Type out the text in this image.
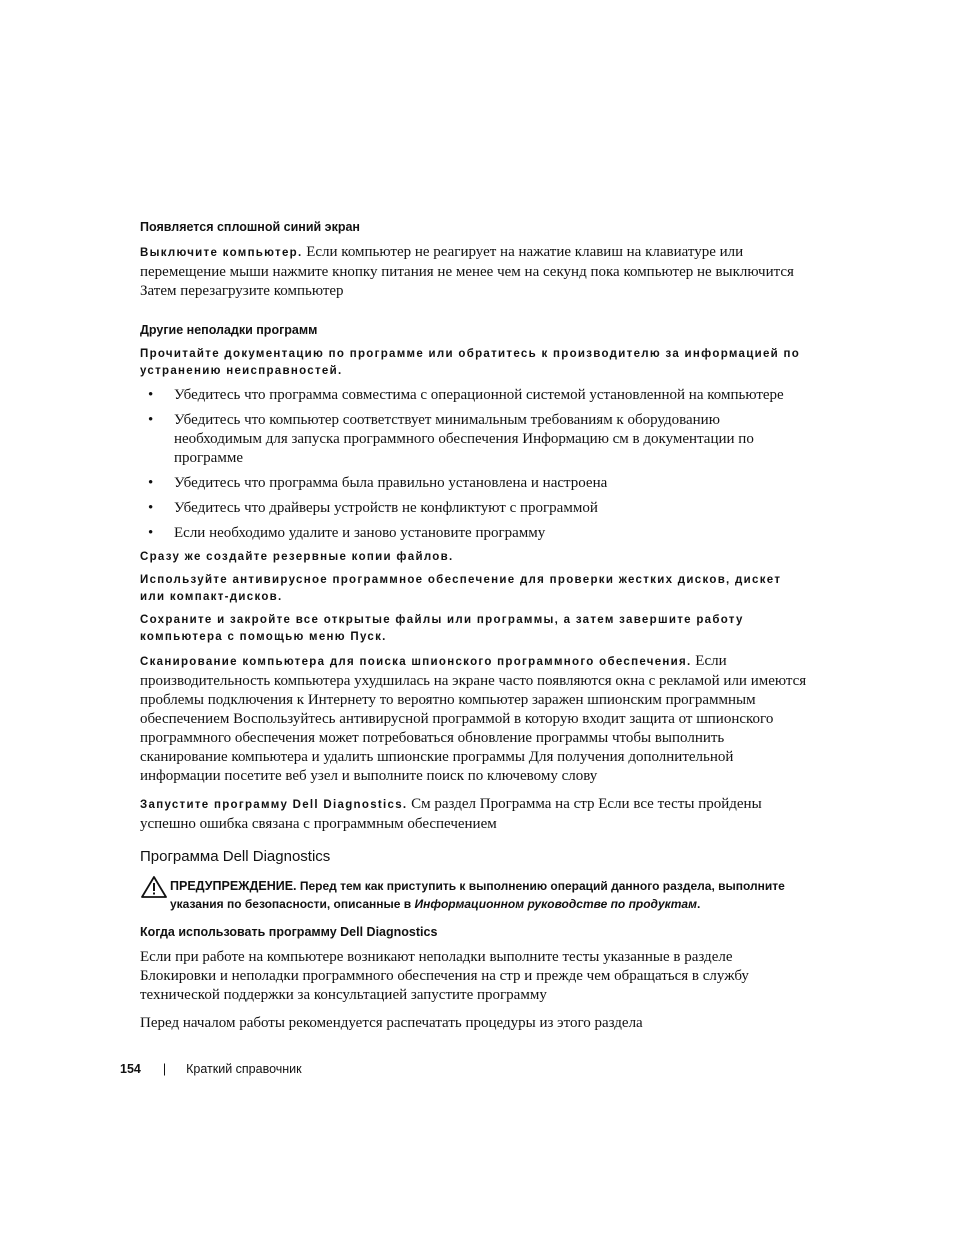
Появляется сплошной синий экран

Выключите компьютер. Если компьютер не реагирует на нажатие клавиш на клавиатуре или перемещение мыши нажмите кнопку питания не менее чем на секунд пока компьютер не выключится Затем перезагрузите компьютер

Другие неполадки программ

Прочитайте документацию по программе или обратитесь к производителю за информацией по устранению неисправностей.

• Убедитесь что программа совместима с операционной системой установленной на компьютере
• Убедитесь что компьютер соответствует минимальным требованиям к оборудованию необходимым для запуска программного обеспечения Информацию см в документации по программе
• Убедитесь что программа была правильно установлена и настроена
• Убедитесь что драйверы устройств не конфликтуют с программой
• Если необходимо удалите и заново установите программу

Сразу же создайте резервные копии файлов.

Используйте антивирусное программное обеспечение для проверки жестких дисков, дискет или компакт-дисков.

Сохраните и закройте все открытые файлы или программы, а затем завершите работу компьютера с помощью меню Пуск.

Сканирование компьютера для поиска шпионского программного обеспечения. Если производительность компьютера ухудшилась на экране часто появляются окна с рекламой или имеются проблемы подключения к Интернету то вероятно компьютер заражен шпионским программным обеспечением Воспользуйтесь антивирусной программой в которую входит защита от шпионского программного обеспечения может потребоваться обновление программы чтобы выполнить сканирование компьютера и удалить шпионские программы Для получения дополнительной информации посетите веб узел и выполните поиск по ключевому слову

Запустите программу Dell Diagnostics. См раздел Программа на стр Если все тесты пройдены успешно ошибка связана с программным обеспечением

Программа Dell Diagnostics
ПРЕДУПРЕЖДЕНИЕ. Перед тем как приступить к выполнению операций данного раздела, выполните указания по безопасности, описанные в Информационном руководстве по продуктам.
Когда использовать программу Dell Diagnostics

Если при работе на компьютере возникают неполадки выполните тесты указанные в разделе Блокировки и неполадки программного обеспечения на стр и прежде чем обращаться в службу технической поддержки за консультацией запустите программу

Перед началом работы рекомендуется распечатать процедуры из этого раздела

154 | Краткий справочник
